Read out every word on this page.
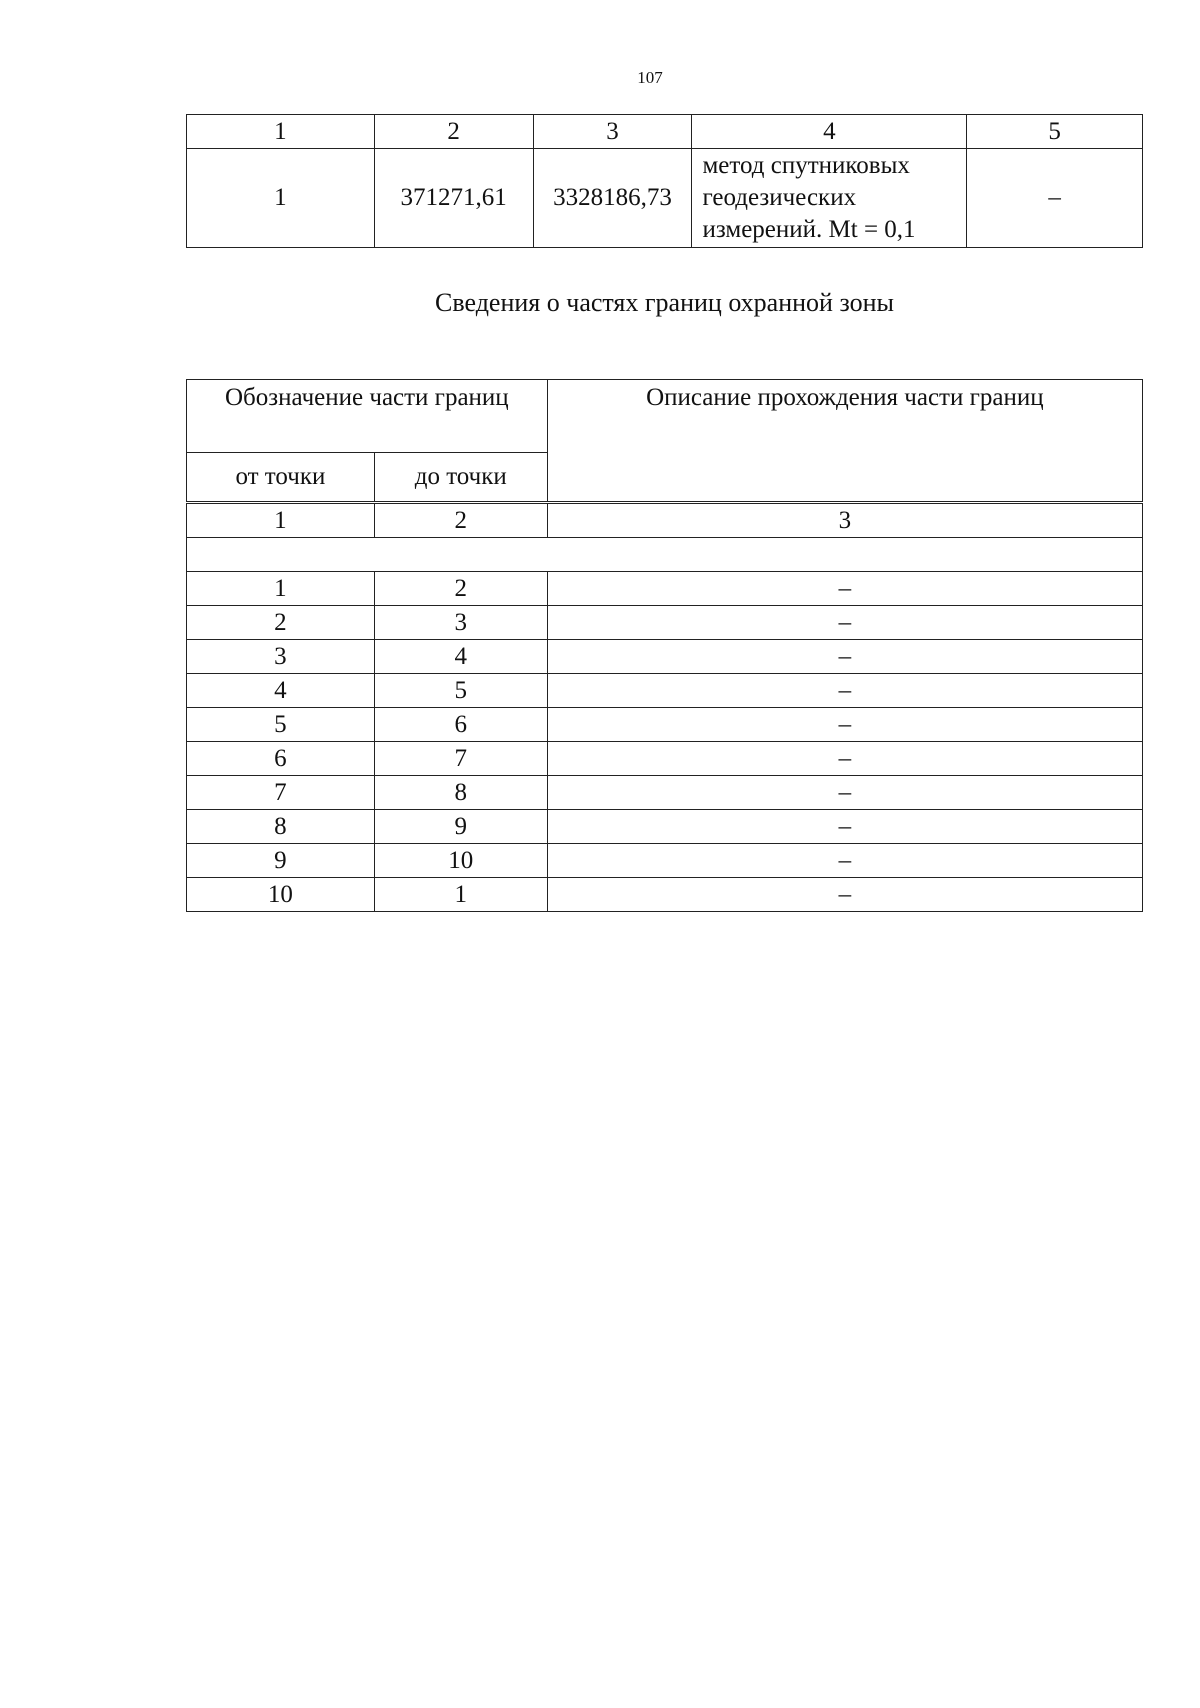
107
1	2	3	4	5
1	371271,61	3328186,73	метод спутниковых
геодезических
измерений. Mt = 0,1	–
Сведения о частях границ охранной зоны
Обозначение части границ		Описание прохождения части границ
от точки	до точки	
1	2	3

1	2	–
2	3	–
3	4	–
4	5	–
5	6	–
6	7	–
7	8	–
8	9	–
9	10	–
10	1	–
